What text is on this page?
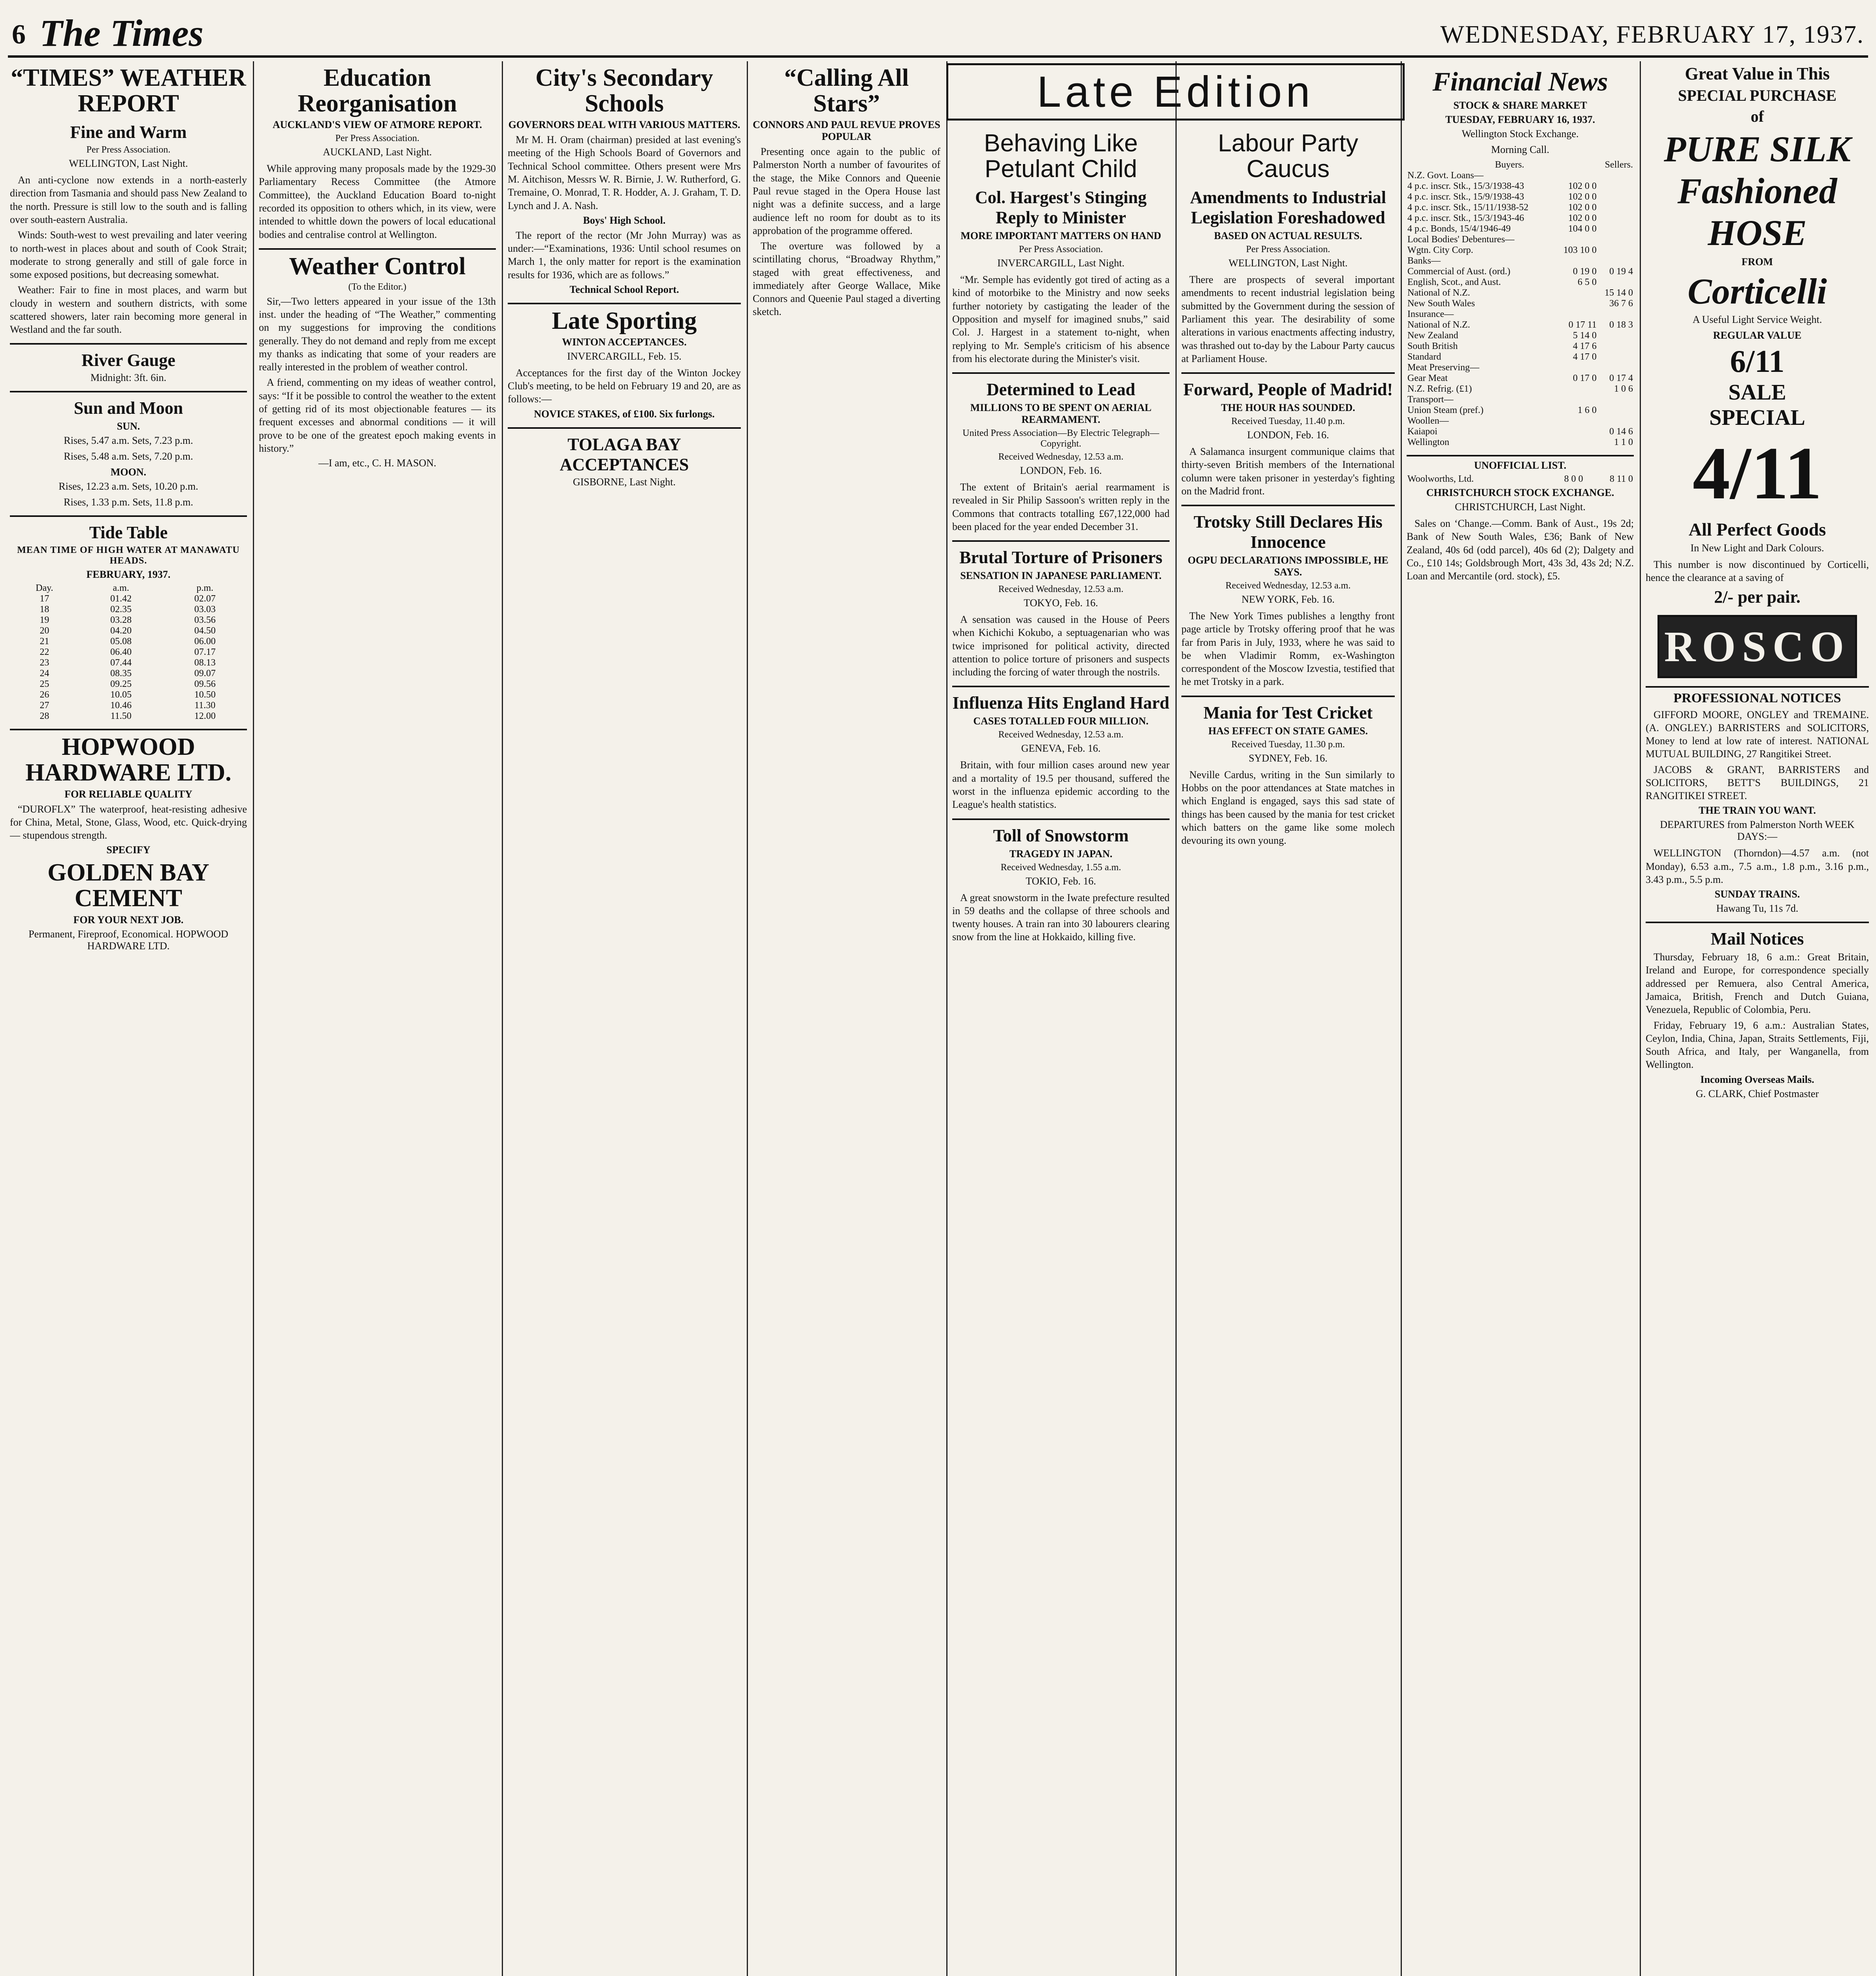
6 The Times	WEDNESDAY, FEBRUARY 17, 1937.
“TIMES” WEATHER REPORT
Fine and Warm
Per Press Association.
WELLINGTON, Last Night.

An anti-cyclone now extends in a north-easterly direction from Tasmania and should pass New Zealand to the north. Pressure is still low to the south and is falling over south-eastern Australia.

Winds: South-west to west prevailing and later veering to north-west in places about and south of Cook Strait; moderate to strong generally and still of gale force in some exposed positions, but decreasing somewhat.

Weather: Fair to fine in most places, and warm but cloudy in western and southern districts, with some scattered showers, later rain becoming more general in Westland and the far south.

River Gauge
Midnight: 3ft. 6in.
Sun and Moon
SUN.
Rises, 5.47 a.m. Sets, 7.23 p.m.
Rises, 5.48 a.m. Sets, 7.20 p.m.
MOON.
Rises, 12.23 a.m. Sets, 10.20 p.m.
Rises, 1.33 p.m. Sets, 11.8 p.m.
Tide Table
MEAN TIME OF HIGH WATER AT MANAWATU HEADS.
FEBRUARY, 1937.
Day.	a.m.	p.m.
17	01.42	02.07
18	02.35	03.03
19	03.28	03.56
20	04.20	04.50
21	05.08	06.00
22	06.40	07.17
23	07.44	08.13
24	08.35	09.07
25	09.25	09.56
26	10.05	10.50
27	10.46	11.30
28	11.50	12.00
HOPWOOD HARDWARE LTD.
FOR RELIABLE QUALITY

“DUROFLX” The waterproof, heat-resisting adhesive for China, Metal, Stone, Glass, Wood, etc. Quick-drying — stupendous strength.

SPECIFY
GOLDEN BAY CEMENT
FOR YOUR NEXT JOB.
Permanent, Fireproof, Economical. HOPWOOD HARDWARE LTD.
Education Reorganisation
AUCKLAND'S VIEW OF ATMORE REPORT.
Per Press Association.
AUCKLAND, Last Night.

While approving many proposals made by the 1929-30 Parliamentary Recess Committee (the Atmore Committee), the Auckland Education Board to-night recorded its opposition to others which, in its view, were intended to whittle down the powers of local educational bodies and centralise control at Wellington.

Weather Control
(To the Editor.)

Sir,—Two letters appeared in your issue of the 13th inst. under the heading of “The Weather,” commenting on my suggestions for improving the conditions generally. They do not demand and reply from me except my thanks as indicating that some of your readers are really interested in the problem of weather control.

A friend, commenting on my ideas of weather control, says: “If it be possible to control the weather to the extent of getting rid of its most objectionable features — its frequent excesses and abnormal conditions — it will prove to be one of the greatest epoch making events in history.”

—I am, etc., C. H. MASON.
City's Secondary Schools
GOVERNORS DEAL WITH VARIOUS MATTERS.

Mr M. H. Oram (chairman) presided at last evening's meeting of the High Schools Board of Governors and Technical School committee. Others present were Mrs M. Aitchison, Messrs W. R. Birnie, J. W. Rutherford, G. Tremaine, O. Monrad, T. R. Hodder, A. J. Graham, T. D. Lynch and J. A. Nash.

Boys' High School.

The report of the rector (Mr John Murray) was as under:—“Examinations, 1936: Until school resumes on March 1, the only matter for report is the examination results for 1936, which are as follows.”

Technical School Report.
Late Sporting
WINTON ACCEPTANCES.
INVERCARGILL, Feb. 15.

Acceptances for the first day of the Winton Jockey Club's meeting, to be held on February 19 and 20, are as follows:—

NOVICE STAKES, of £100. Six furlongs.
TOLAGA BAY ACCEPTANCES
GISBORNE, Last Night.
“Calling All Stars”
CONNORS AND PAUL REVUE PROVES POPULAR

Presenting once again to the public of Palmerston North a number of favourites of the stage, the Mike Connors and Queenie Paul revue staged in the Opera House last night was a definite success, and a large audience left no room for doubt as to its approbation of the programme offered.

The overture was followed by a scintillating chorus, “Broadway Rhythm,” staged with great effectiveness, and immediately after George Wallace, Mike Connors and Queenie Paul staged a diverting sketch.

Late Edition
Behaving Like Petulant Child
Col. Hargest's Stinging Reply to Minister
MORE IMPORTANT MATTERS ON HAND
Per Press Association.
INVERCARGILL, Last Night.

“Mr. Semple has evidently got tired of acting as a kind of motorbike to the Ministry and now seeks further notoriety by castigating the leader of the Opposition and myself for imagined snubs,” said Col. J. Hargest in a statement to-night, when replying to Mr. Semple's criticism of his absence from his electorate during the Minister's visit.

Determined to Lead
MILLIONS TO BE SPENT ON AERIAL REARMAMENT.
United Press Association—By Electric Telegraph—Copyright.
Received Wednesday, 12.53 a.m.
LONDON, Feb. 16.

The extent of Britain's aerial rearmament is revealed in Sir Philip Sassoon's written reply in the Commons that contracts totalling £67,122,000 had been placed for the year ended December 31.

Brutal Torture of Prisoners
SENSATION IN JAPANESE PARLIAMENT.
Received Wednesday, 12.53 a.m.
TOKYO, Feb. 16.

A sensation was caused in the House of Peers when Kichichi Kokubo, a septuagenarian who was twice imprisoned for political activity, directed attention to police torture of prisoners and suspects including the forcing of water through the nostrils.

Influenza Hits England Hard
CASES TOTALLED FOUR MILLION.
Received Wednesday, 12.53 a.m.
GENEVA, Feb. 16.

Britain, with four million cases around new year and a mortality of 19.5 per thousand, suffered the worst in the influenza epidemic according to the League's health statistics.

Toll of Snowstorm
TRAGEDY IN JAPAN.
Received Wednesday, 1.55 a.m.
TOKIO, Feb. 16.

A great snowstorm in the Iwate prefecture resulted in 59 deaths and the collapse of three schools and twenty houses. A train ran into 30 labourers clearing snow from the line at Hokkaido, killing five.

Labour Party Caucus
Amendments to Industrial Legislation Foreshadowed
BASED ON ACTUAL RESULTS.
Per Press Association.
WELLINGTON, Last Night.

There are prospects of several important amendments to recent industrial legislation being submitted by the Government during the session of Parliament this year. The desirability of some alterations in various enactments affecting industry, was thrashed out to-day by the Labour Party caucus at Parliament House.

Forward, People of Madrid!
THE HOUR HAS SOUNDED.
Received Tuesday, 11.40 p.m.
LONDON, Feb. 16.

A Salamanca insurgent communique claims that thirty-seven British members of the International column were taken prisoner in yesterday's fighting on the Madrid front.

Trotsky Still Declares His Innocence
OGPU DECLARATIONS IMPOSSIBLE, HE SAYS.
Received Wednesday, 12.53 a.m.
NEW YORK, Feb. 16.

The New York Times publishes a lengthy front page article by Trotsky offering proof that he was far from Paris in July, 1933, where he was said to be when Vladimir Romm, ex-Washington correspondent of the Moscow Izvestia, testified that he met Trotsky in a park.

Mania for Test Cricket
HAS EFFECT ON STATE GAMES.
Received Tuesday, 11.30 p.m.
SYDNEY, Feb. 16.

Neville Cardus, writing in the Sun similarly to Hobbs on the poor attendances at State matches in which England is engaged, says this sad state of things has been caused by the mania for test cricket which batters on the game like some molech devouring its own young.

Financial News
STOCK & SHARE MARKET
TUESDAY, FEBRUARY 16, 1937.
Wellington Stock Exchange.
Morning Call.
	Buyers.	Sellers.
N.Z. Govt. Loans—		
4 p.c. inscr. Stk., 15/3/1938-43	102 0 0	
4 p.c. inscr. Stk., 15/9/1938-43	102 0 0	
4 p.c. inscr. Stk., 15/11/1938-52	102 0 0	
4 p.c. inscr. Stk., 15/3/1943-46	102 0 0	
4 p.c. Bonds, 15/4/1946-49	104 0 0	
Local Bodies' Debentures—		
Wgtn. City Corp.	103 10 0	
Banks—		
Commercial of Aust. (ord.)	0 19 0	0 19 4
English, Scot., and Aust.	6 5 0	
National of N.Z.		15 14 0
New South Wales		36 7 6
Insurance—		
National of N.Z.	0 17 11	0 18 3
New Zealand	5 14 0	
South British	4 17 6	
Standard	4 17 0	
Meat Preserving—		
Gear Meat	0 17 0	0 17 4
N.Z. Refrig. (£1)		1 0 6
Transport—		
Union Steam (pref.)	1 6 0	
Woollen—		
Kaiapoi		0 14 6
Wellington		1 1 0
UNOFFICIAL LIST.
Woolworths, Ltd.	8 0 0	8 11 0
CHRISTCHURCH STOCK EXCHANGE.
CHRISTCHURCH, Last Night.

Sales on ‘Change.—Comm. Bank of Aust., 19s 2d; Bank of New South Wales, £36; Bank of New Zealand, 40s 6d (odd parcel), 40s 6d (2); Dalgety and Co., £10 14s; Goldsbrough Mort, 43s 3d, 43s 2d; N.Z. Loan and Mercantile (ord. stock), £5.

Great Value in This
SPECIAL PURCHASE
of
PURE SILK
Fashioned
HOSE
FROM
Corticelli
A Useful Light Service Weight.
REGULAR VALUE
6/11
SALE
SPECIAL
4/11
All Perfect Goods
In New Light and Dark Colours.

This number is now discontinued by Corticelli, hence the clearance at a saving of

2/- per pair.
ROSCO
PROFESSIONAL NOTICES

GIFFORD MOORE, ONGLEY and TREMAINE. (A. ONGLEY.) BARRISTERS and SOLICITORS, Money to lend at low rate of interest. NATIONAL MUTUAL BUILDING, 27 Rangitikei Street.

JACOBS & GRANT, BARRISTERS and SOLICITORS, BETT'S BUILDINGS, 21 RANGITIKEI STREET.

THE TRAIN YOU WANT.
DEPARTURES from Palmerston North WEEK DAYS:—

WELLINGTON (Thorndon)—4.57 a.m. (not Monday), 6.53 a.m., 7.5 a.m., 1.8 p.m., 3.16 p.m., 3.43 p.m., 5.5 p.m.

SUNDAY TRAINS.
Hawang Tu, 11s 7d.
Mail Notices

Thursday, February 18, 6 a.m.: Great Britain, Ireland and Europe, for correspondence specially addressed per Remuera, also Central America, Jamaica, British, French and Dutch Guiana, Venezuela, Republic of Colombia, Peru.

Friday, February 19, 6 a.m.: Australian States, Ceylon, India, China, Japan, Straits Settlements, Fiji, South Africa, and Italy, per Wanganella, from Wellington.

Incoming Overseas Mails.
G. CLARK, Chief Postmaster
